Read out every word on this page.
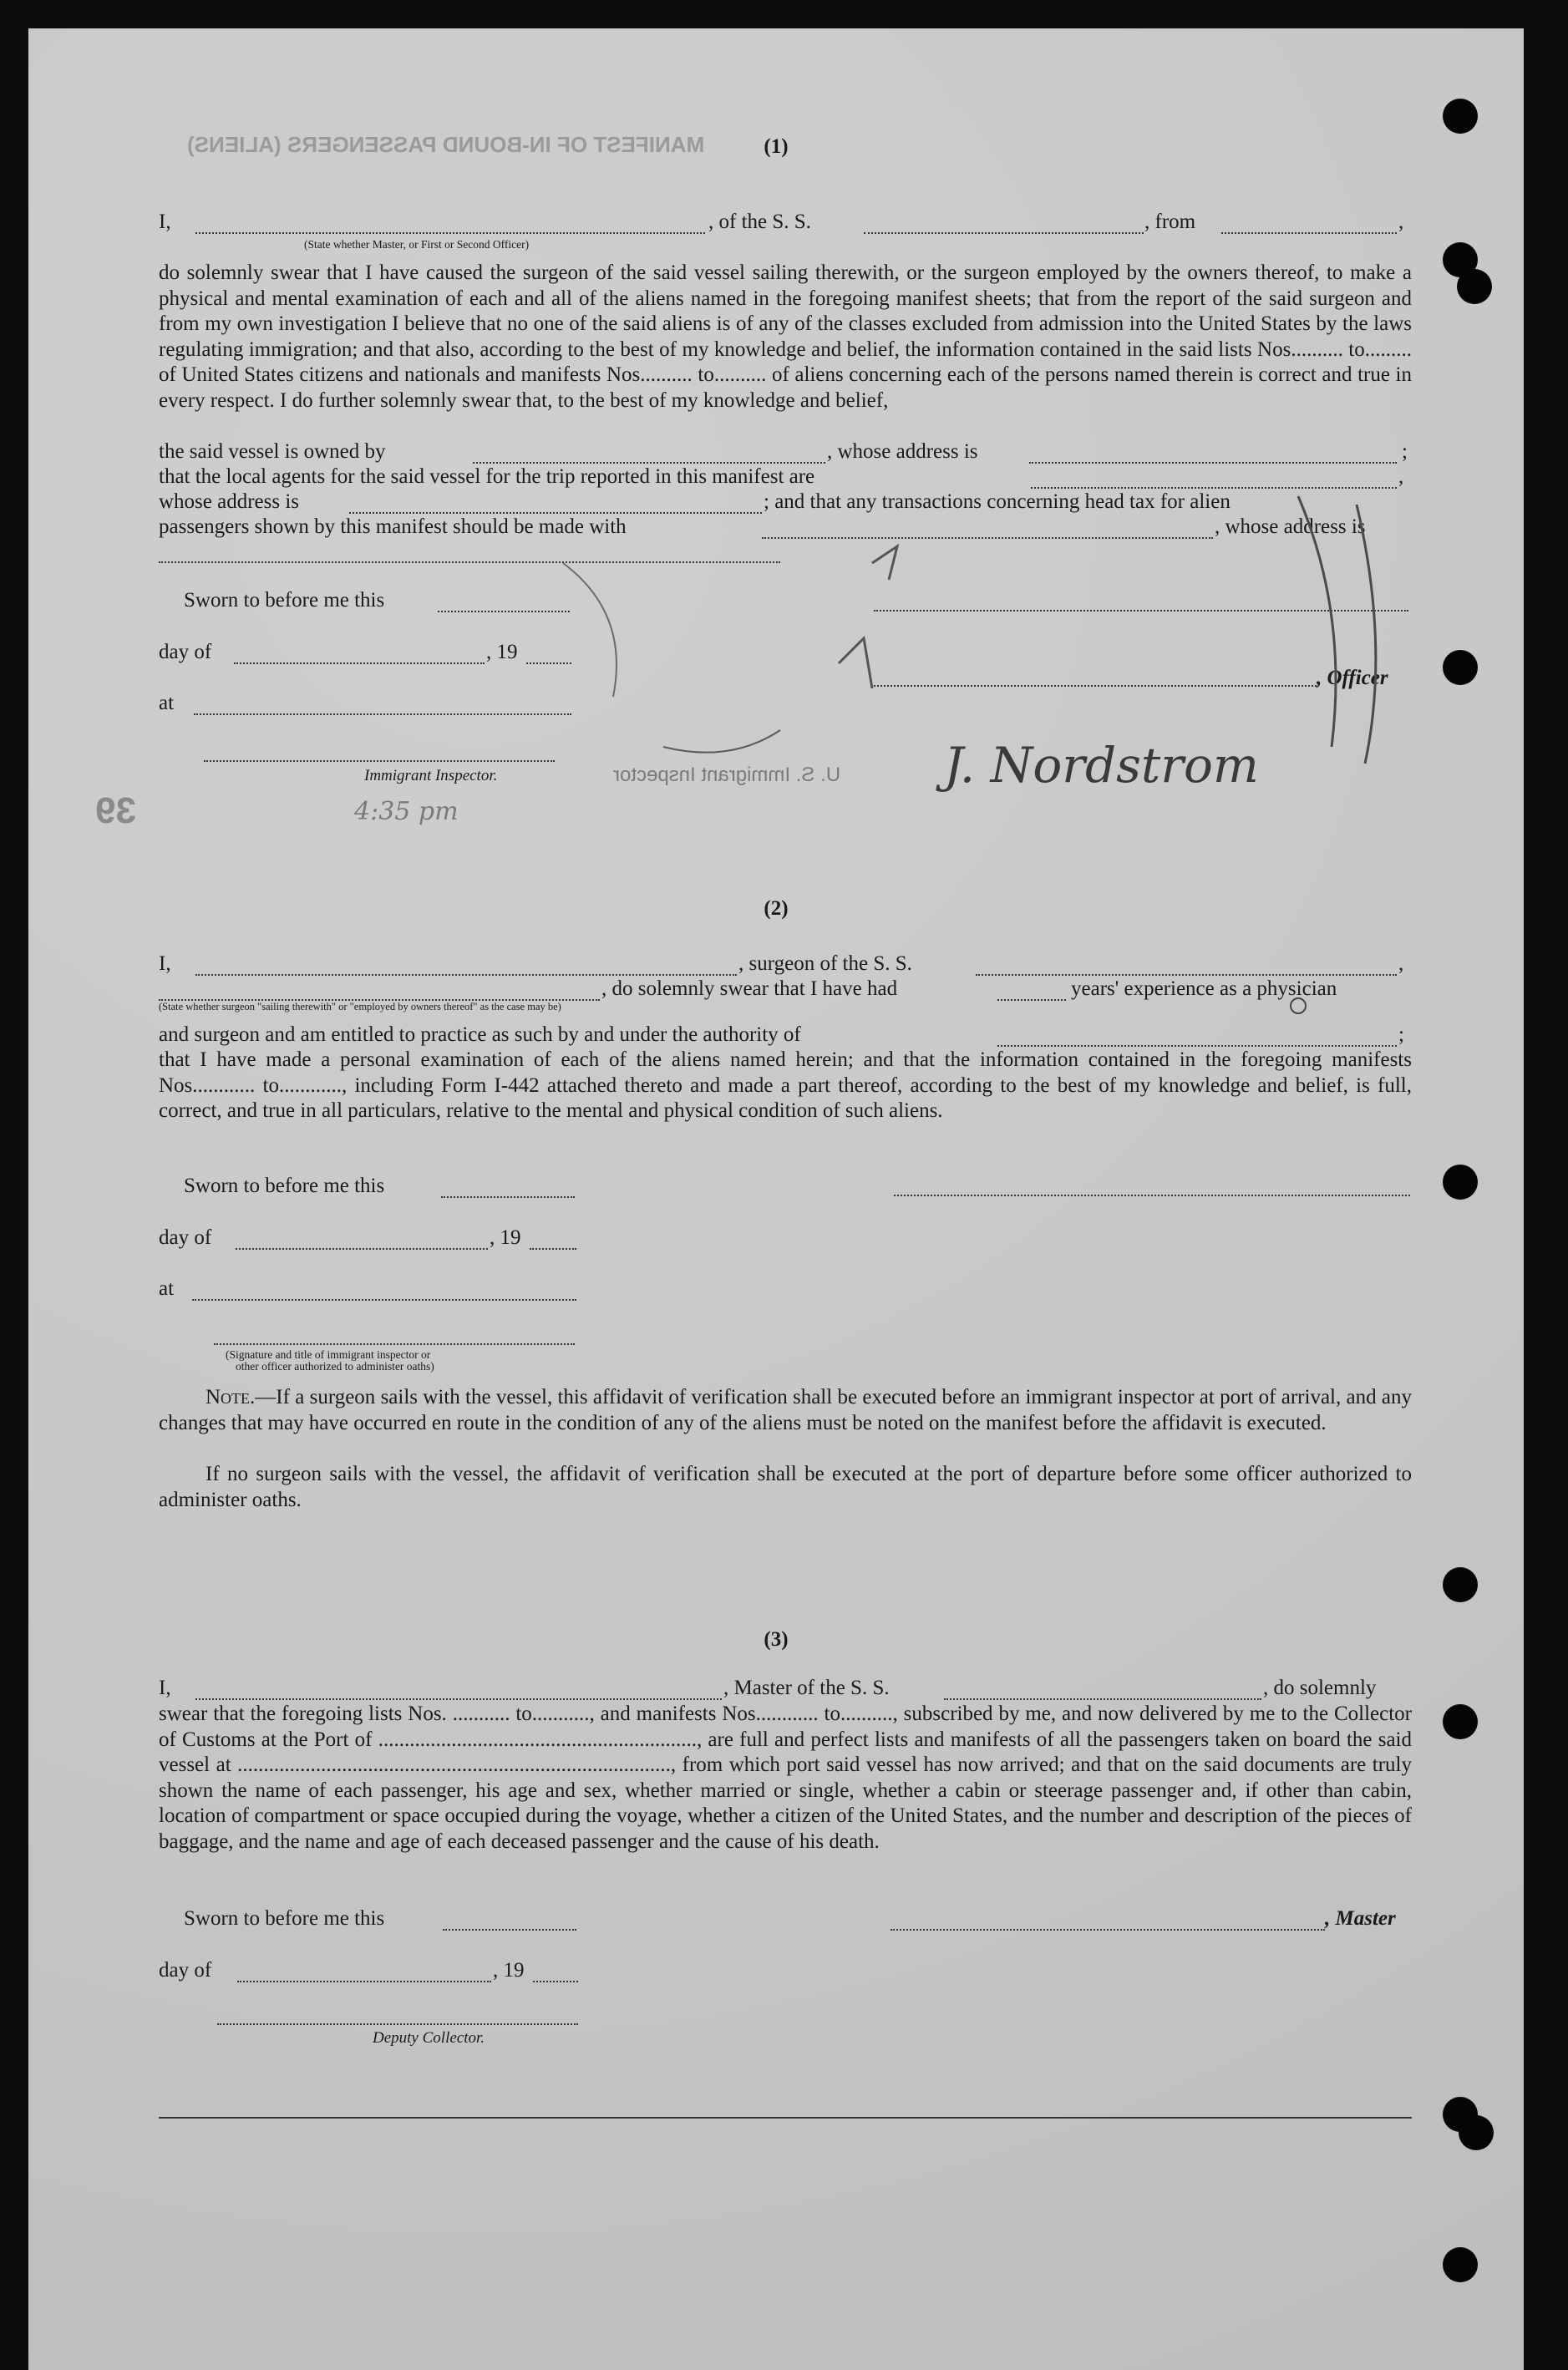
MANIFEST OF IN-BOUND PASSENGERS (ALIENS)
39
(1)
I,	, of the S. S.	, from	,
(State whether Master, or First or Second Officer)
do solemnly swear that I have caused the surgeon of the said vessel sailing therewith, or the surgeon employed by the owners thereof, to make a physical and mental examination of each and all of the aliens named in the foregoing manifest sheets; that from the report of the said surgeon and from my own investigation I believe that no one of the said aliens is of any of the classes excluded from admission into the United States by the laws regulating immigration; and that also, according to the best of my knowledge and belief, the information contained in the said lists Nos.......... to......... of United States citizens and nationals and manifests Nos.......... to.......... of aliens concerning each of the persons named therein is correct and true in every respect. I do further solemnly swear that, to the best of my knowledge and belief,
the said vessel is owned by	, whose address is	;
that the local agents for the said vessel for the trip reported in this manifest are	,
whose address is	; and that any transactions concerning head tax for alien
passengers shown by this manifest should be made with	, whose address is
Sworn to before me this
day of	, 19
at
, Officer
Immigrant Inspector.	U. S. Immigrant Inspector J. Nordstrom
4:35 pm
(2)
I,	, surgeon of the S. S.	,
, do solemnly swear that I have had	years' experience as a physician
(State whether surgeon "sailing therewith" or "employed by owners thereof" as the case may be)
and surgeon and am entitled to practice as such by and under the authority of	;
that I have made a personal examination of each of the aliens named herein; and that the information contained in the foregoing manifests Nos............ to............, including Form I-442 attached thereto and made a part thereof, according to the best of my knowledge and belief, is full, correct, and true in all particulars, relative to the mental and physical condition of such aliens.
Sworn to before me this
day of	, 19
at
(Signature and title of immigrant inspector or
other officer authorized to administer oaths)
Note.—If a surgeon sails with the vessel, this affidavit of verification shall be executed before an immigrant inspector at port of arrival, and any changes that may have occurred en route in the condition of any of the aliens must be noted on the manifest before the affidavit is executed.
If no surgeon sails with the vessel, the affidavit of verification shall be executed at the port of departure before some officer authorized to administer oaths.
(3)
I,	, Master of the S. S.	, do solemnly
swear that the foregoing lists Nos. ........... to..........., and manifests Nos............ to.........., subscribed by me, and now delivered by me to the Collector of Customs at the Port of ............................................................., are full and perfect lists and manifests of all the passengers taken on board the said vessel at ..................................................................................., from which port said vessel has now arrived; and that on the said documents are truly shown the name of each passenger, his age and sex, whether married or single, whether a cabin or steerage passenger and, if other than cabin, location of compartment or space occupied during the voyage, whether a citizen of the United States, and the number and description of the pieces of baggage, and the name and age of each deceased passenger and the cause of his death.
Sworn to before me this	, Master
day of	, 19
Deputy Collector.
